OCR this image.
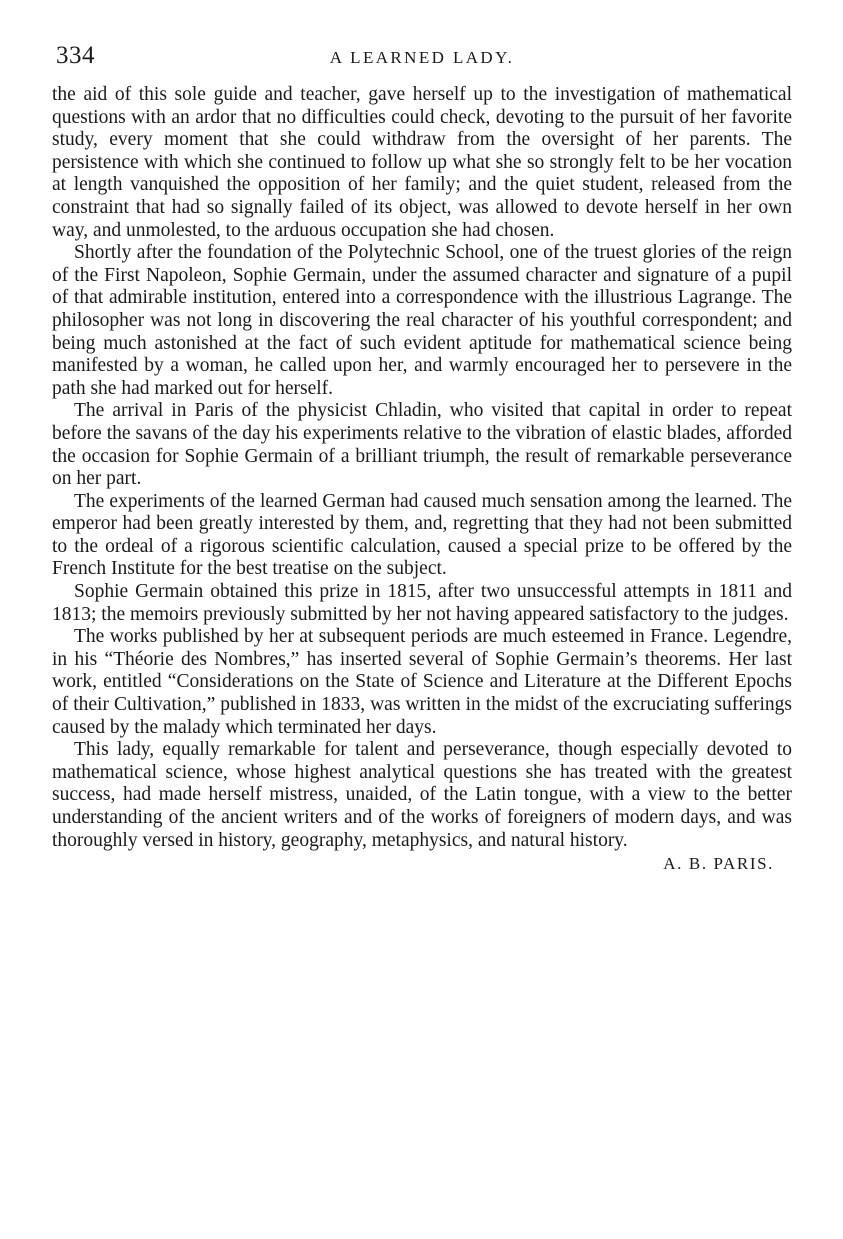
334	A LEARNED LADY.

the aid of this sole guide and teacher, gave herself up to the investigation of mathematical questions with an ardor that no difficulties could check, devoting to the pursuit of her favorite study, every moment that she could withdraw from the oversight of her parents. The persistence with which she continued to follow up what she so strongly felt to be her vocation at length vanquished the opposition of her family; and the quiet student, released from the constraint that had so signally failed of its object, was allowed to devote herself in her own way, and unmolested, to the arduous occupation she had chosen.

Shortly after the foundation of the Polytechnic School, one of the truest glories of the reign of the First Napoleon, Sophie Germain, under the assumed character and signature of a pupil of that admirable institution, entered into a correspondence with the illustrious Lagrange. The philosopher was not long in discovering the real character of his youthful correspondent; and being much astonished at the fact of such evident aptitude for mathematical science being manifested by a woman, he called upon her, and warmly encouraged her to persevere in the path she had marked out for herself.

The arrival in Paris of the physicist Chladin, who visited that capital in order to repeat before the savans of the day his experiments relative to the vibration of elastic blades, afforded the occasion for Sophie Germain of a brilliant triumph, the result of remarkable perseverance on her part.

The experiments of the learned German had caused much sensation among the learned. The emperor had been greatly interested by them, and, regretting that they had not been submitted to the ordeal of a rigorous scientific calculation, caused a special prize to be offered by the French Institute for the best treatise on the subject.

Sophie Germain obtained this prize in 1815, after two unsuccessful attempts in 1811 and 1813; the memoirs previously submitted by her not having appeared satisfactory to the judges.

The works published by her at subsequent periods are much esteemed in France. Legendre, in his “Théorie des Nombres,” has inserted several of Sophie Germain’s theorems. Her last work, entitled “Considerations on the State of Science and Literature at the Different Epochs of their Cultivation,” published in 1833, was written in the midst of the excruciating sufferings caused by the malady which terminated her days.

This lady, equally remarkable for talent and perseverance, though especially devoted to mathematical science, whose highest analytical questions she has treated with the greatest success, had made herself mistress, unaided, of the Latin tongue, with a view to the better understanding of the ancient writers and of the works of foreigners of modern days, and was thoroughly versed in history, geography, metaphysics, and natural history.

A. B. PARIS.
